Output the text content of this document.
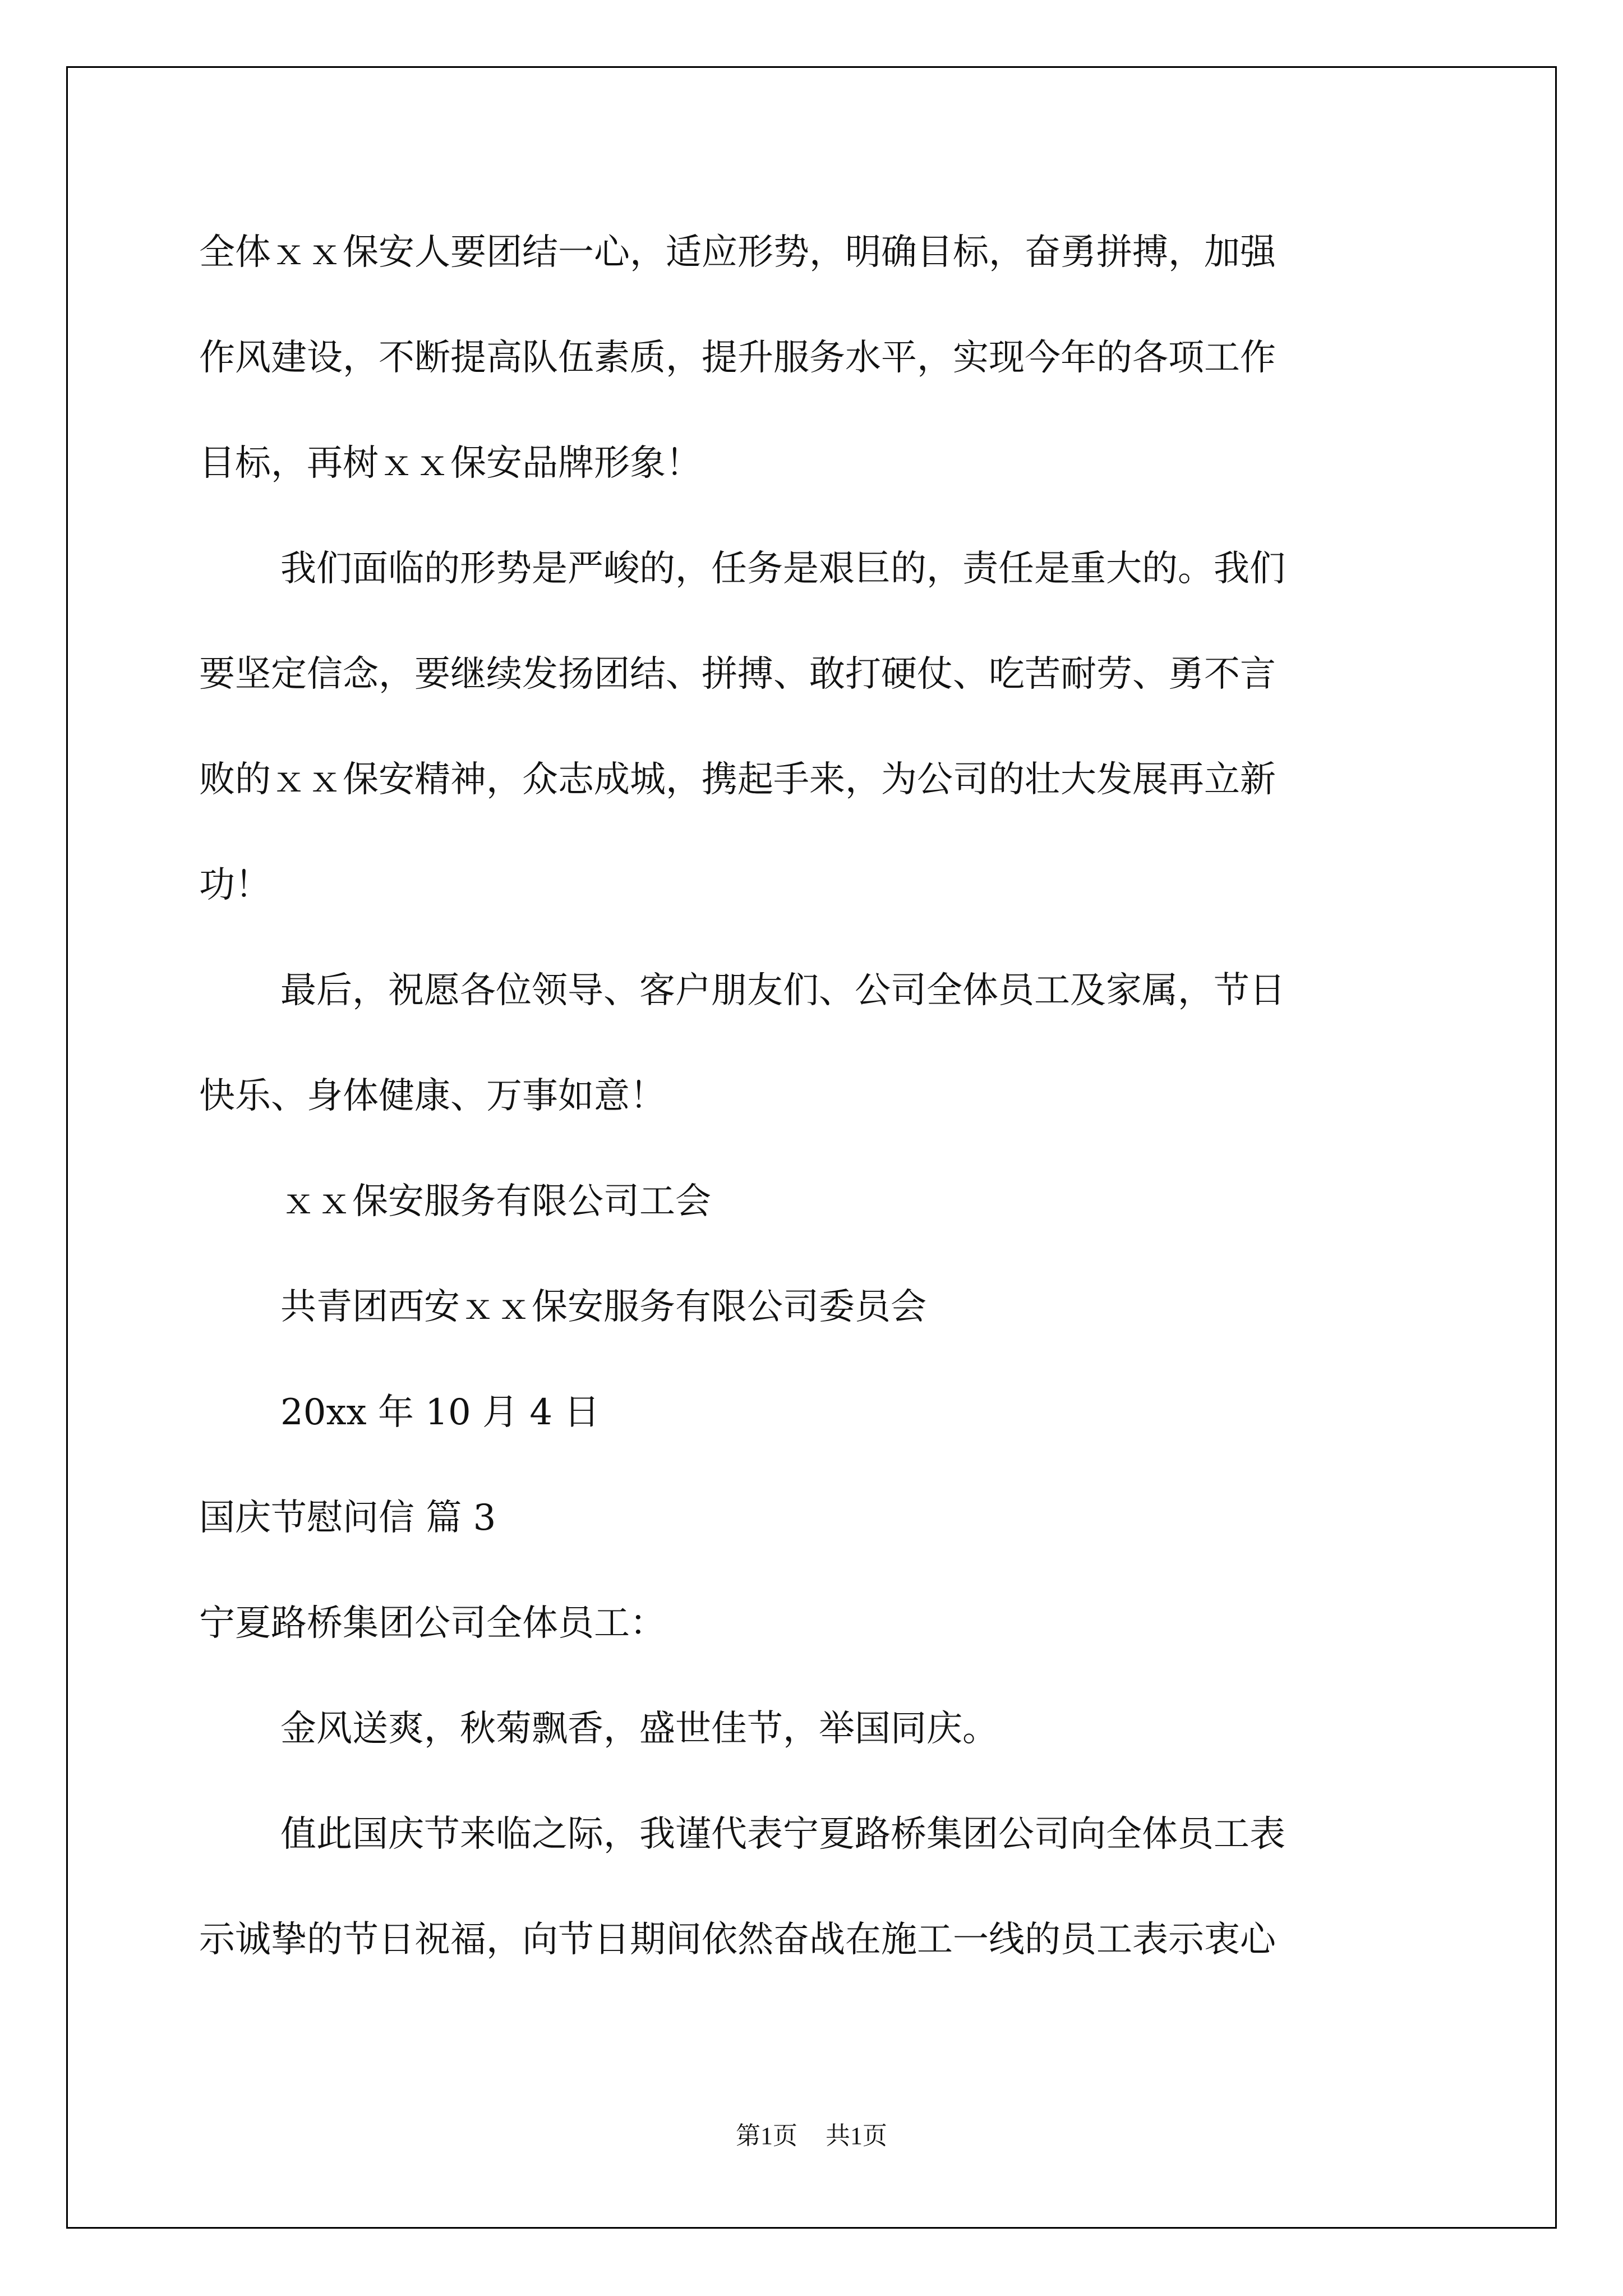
全体ｘｘ保安人要团结一心，适应形势，明确目标，奋勇拼搏，加强

作风建设，不断提高队伍素质，提升服务水平，实现今年的各项工作

目标，再树ｘｘ保安品牌形象！

我们面临的形势是严峻的，任务是艰巨的，责任是重大的。我们

要坚定信念，要继续发扬团结、拼搏、敢打硬仗、吃苦耐劳、勇不言

败的ｘｘ保安精神，众志成城，携起手来，为公司的壮大发展再立新

功！

最后，祝愿各位领导、客户朋友们、公司全体员工及家属，节日

快乐、身体健康、万事如意！

ｘｘ保安服务有限公司工会

共青团西安ｘｘ保安服务有限公司委员会

20xx 年 10 月 4 日

国庆节慰问信 篇 3

宁夏路桥集团公司全体员工：

金风送爽，秋菊飘香，盛世佳节，举国同庆。

值此国庆节来临之际，我谨代表宁夏路桥集团公司向全体员工表

示诚挚的节日祝福，向节日期间依然奋战在施工一线的员工表示衷心

第1页 共1页
